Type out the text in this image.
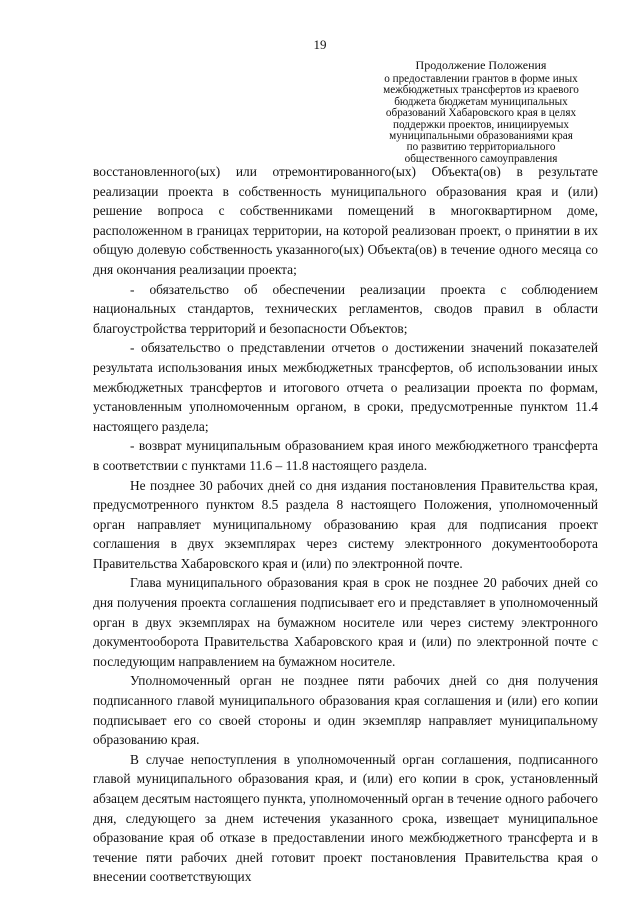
19
Продолжение Положения
о предоставлении грантов в форме иных
межбюджетных трансфертов из краевого
бюджета бюджетам муниципальных
образований Хабаровского края в целях
поддержки проектов, инициируемых
муниципальными образованиями края
по развитию территориального
общественного самоуправления

восстановленного(ых) или отремонтированного(ых) Объекта(ов) в результате реализации проекта в собственность муниципального образования края и (или) решение вопроса с собственниками помещений в многоквартирном доме, расположенном в границах территории, на которой реализован проект, о принятии в их общую долевую собственность указанного(ых) Объекта(ов) в течение одного месяца со дня окончания реализации проекта;

- обязательство об обеспечении реализации проекта с соблюдением национальных стандартов, технических регламентов, сводов правил в области благоустройства территорий и безопасности Объектов;

- обязательство о представлении отчетов о достижении значений показателей результата использования иных межбюджетных трансфертов, об использовании иных межбюджетных трансфертов и итогового отчета о реализации проекта по формам, установленным уполномоченным органом, в сроки, предусмотренные пунктом 11.4 настоящего раздела;

- возврат муниципальным образованием края иного межбюджетного трансферта в соответствии с пунктами 11.6 – 11.8 настоящего раздела.

Не позднее 30 рабочих дней со дня издания постановления Правительства края, предусмотренного пунктом 8.5 раздела 8 настоящего Положения, уполномоченный орган направляет муниципальному образованию края для подписания проект соглашения в двух экземплярах через систему электронного документооборота Правительства Хабаровского края и (или) по электронной почте.

Глава муниципального образования края в срок не позднее 20 рабочих дней со дня получения проекта соглашения подписывает его и представляет в уполномоченный орган в двух экземплярах на бумажном носителе или через систему электронного документооборота Правительства Хабаровского края и (или) по электронной почте с последующим направлением на бумажном носителе.

Уполномоченный орган не позднее пяти рабочих дней со дня получения подписанного главой муниципального образования края соглашения и (или) его копии подписывает его со своей стороны и один экземпляр направляет муниципальному образованию края.

В случае непоступления в уполномоченный орган соглашения, подписанного главой муниципального образования края, и (или) его копии в срок, установленный абзацем десятым настоящего пункта, уполномоченный орган в течение одного рабочего дня, следующего за днем истечения указанного срока, извещает муниципальное образование края об отказе в предоставлении иного межбюджетного трансферта и в течение пяти рабочих дней готовит проект постановления Правительства края о внесении соответствующих
